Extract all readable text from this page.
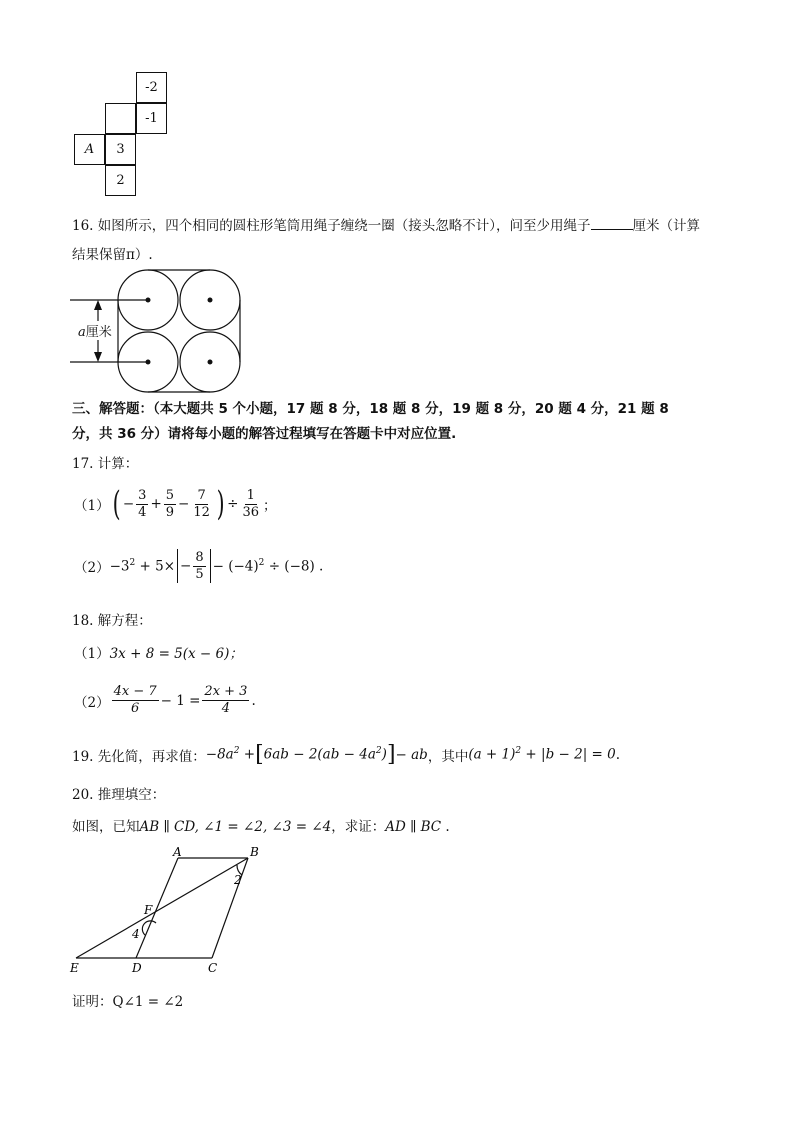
-2
-1
A	3
2
16. 如图所示，四个相同的圆柱形笔筒用绳子缠绕一圈（接头忽略不计），问至少用绳子	厘米（计算
结果保留π）.
a厘米
三、解答题：（本大题共 5 个小题，17 题 8 分，18 题 8 分，19 题 8 分，20 题 4 分，21 题 8
分，共 36 分）请将每小题的解答过程填写在答题卡中对应位置.
17. 计算：
（1） ( − $\frac{3}{4} + \frac{5}{9} - \frac{7}{12}$ ) ÷ $\frac{1}{36}$ ；
$(2) -3^2 + 5\times - \frac{8}{5} - (-4)^2 \div (-8)$ .
18. 解方程：
（1）3x + 8 = 5(x − 6)；
$(2) \frac{4x - 7}{6} - 1 = \frac{2x + 3}{4}$ .
19. 先化简，再求值： $-8a^2$ + [ $6ab - 2(ab - 4a^2)$ ] − ab ，其中 $(a + 1)^2 + |b - 2| = 0$ .
20. 推理填空：
如图，已知AB ∥ CD, ∠1 = ∠2, ∠3 = ∠4，求证：AD ∥ BC .
A	B
C
D
E
F
2
4
证明：Q∠1 = ∠2
